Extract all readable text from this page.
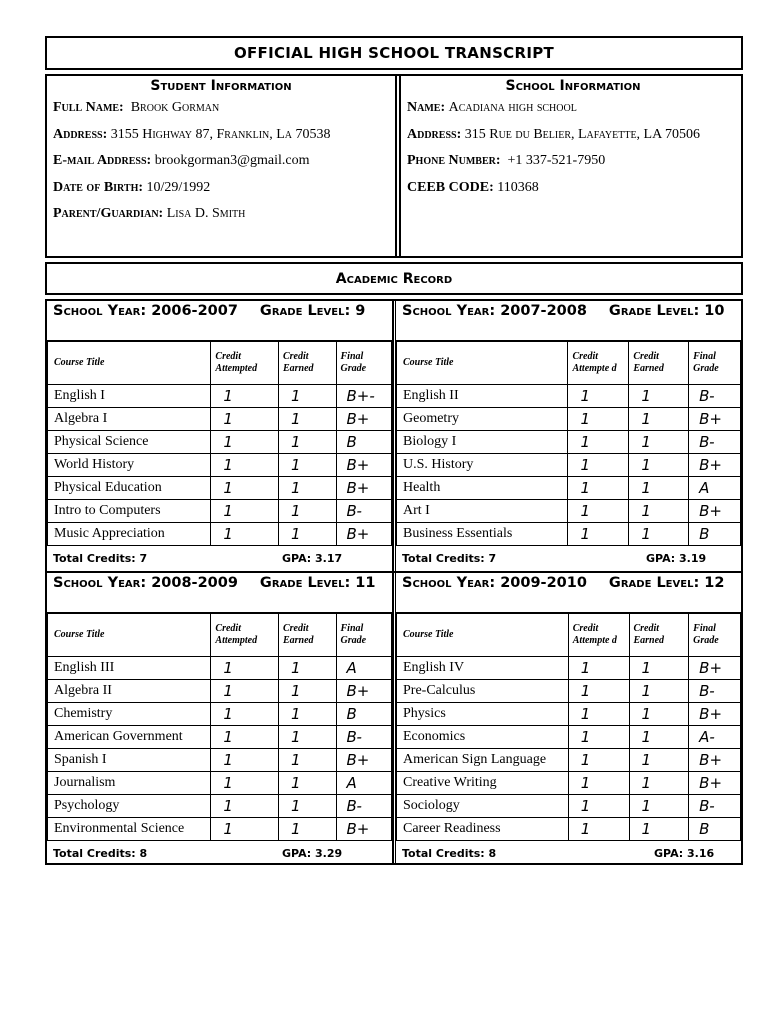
OFFICIAL HIGH SCHOOL TRANSCRIPT
Student Information
Full Name: Brook Gorman
Address: 3155 Highway 87, Franklin, La 70538
E-mail Address: brookgorman3@gmail.com
Date of Birth: 10/29/1992
Parent/Guardian: Lisa D. Smith
School Information
Name: Acadiana high school
Address: 315 Rue du Belier, Lafayette, LA 70506
Phone Number: +1 337-521-7950
CEEB CODE: 110368
Academic Record
School Year: 2006-2007 Grade Level: 9
Course Title	Credit Attempted	Credit Earned	Final Grade
English I	1	1	B+-
Algebra I	1	1	B+
Physical Science	1	1	B
World History	1	1	B+
Physical Education	1	1	B+
Intro to Computers	1	1	B-
Music Appreciation	1	1	B+
Total Credits: 7	GPA: 3.17
School Year: 2007-2008 Grade Level: 10
Course Title	Credit Attempte d	Credit Earned	Final Grade
English II	1	1	B-
Geometry	1	1	B+
Biology I	1	1	B-
U.S. History	1	1	B+
Health	1	1	A
Art I	1	1	B+
Business Essentials	1	1	B
Total Credits: 7	GPA: 3.19
School Year: 2008-2009 Grade Level: 11
Course Title	Credit Attempted	Credit Earned	Final Grade
English III	1	1	A
Algebra II	1	1	B+
Chemistry	1	1	B
American Government	1	1	B-
Spanish I	1	1	B+
Journalism	1	1	A
Psychology	1	1	B-
Environmental Science	1	1	B+
Total Credits: 8	GPA: 3.29
School Year: 2009-2010 Grade Level: 12
Course Title	Credit Attempte d	Credit Earned	Final Grade
English IV	1	1	B+
Pre-Calculus	1	1	B-
Physics	1	1	B+
Economics	1	1	A-
American Sign Language	1	1	B+
Creative Writing	1	1	B+
Sociology	1	1	B-
Career Readiness	1	1	B
Total Credits: 8	GPA: 3.16
